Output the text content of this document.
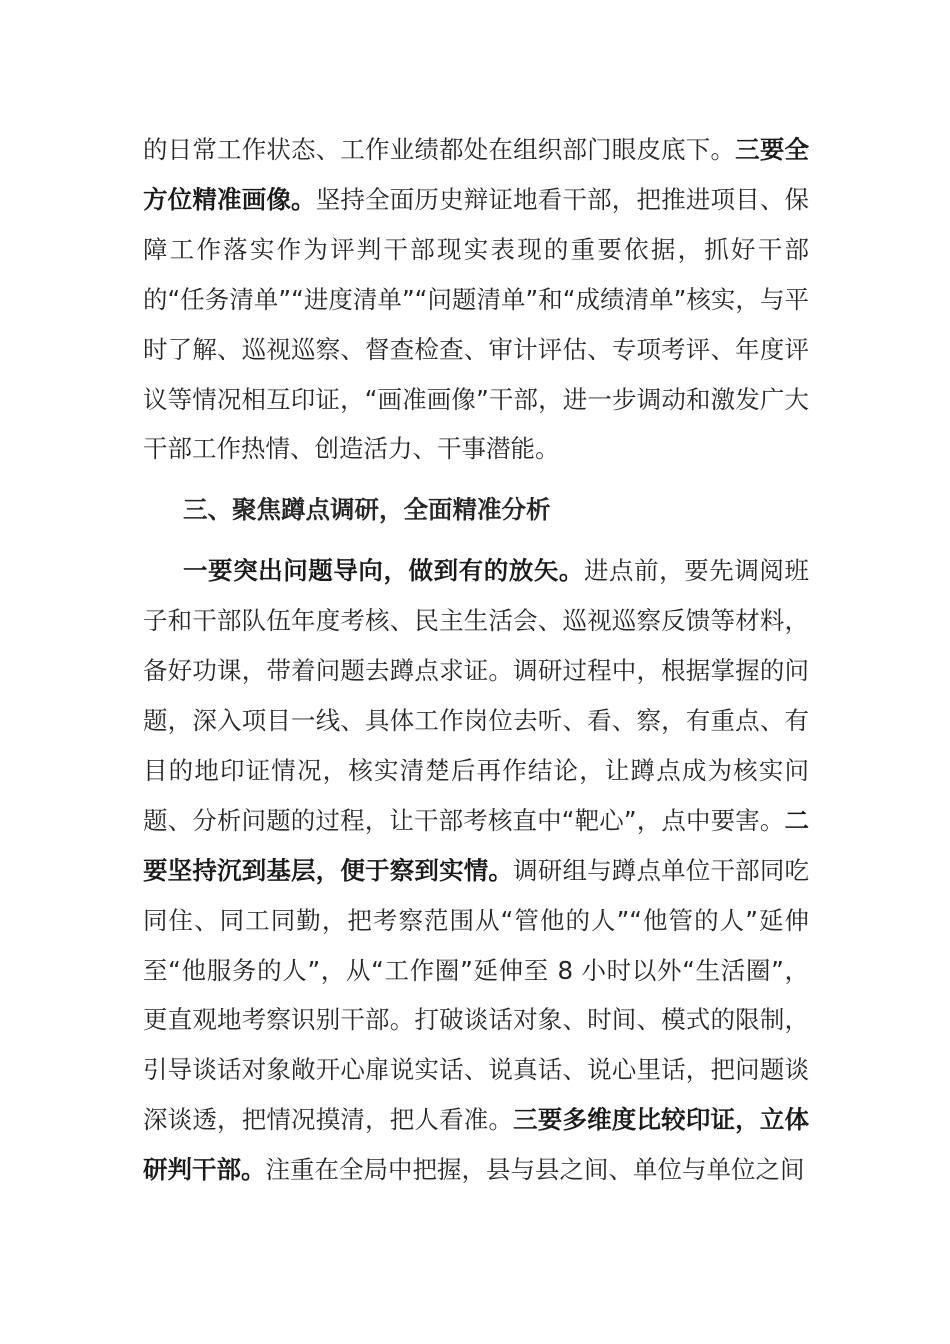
的日常工作状态、工作业绩都处在组织部门眼皮底下。三要全方位精准画像。坚持全面历史辩证地看干部，把推进项目、保障工作落实作为评判干部现实表现的重要依据，抓好干部的“任务清单”“进度清单”“问题清单”和“成绩清单”核实，与平时了解、巡视巡察、督查检查、审计评估、专项考评、年度评议等情况相互印证，“画准画像”干部，进一步调动和激发广大干部工作热情、创造活力、干事潜能。

三、聚焦蹲点调研，全面精准分析

一要突出问题导向，做到有的放矢。进点前，要先调阅班子和干部队伍年度考核、民主生活会、巡视巡察反馈等材料，备好功课，带着问题去蹲点求证。调研过程中，根据掌握的问题，深入项目一线、具体工作岗位去听、看、察，有重点、有目的地印证情况，核实清楚后再作结论，让蹲点成为核实问题、分析问题的过程，让干部考核直中“靶心”，点中要害。二要坚持沉到基层，便于察到实情。调研组与蹲点单位干部同吃同住、同工同勤，把考察范围从“管他的人”“他管的人”延伸至“他服务的人”，从“工作圈”延伸至 8 小时以外“生活圈”，更直观地考察识别干部。打破谈话对象、时间、模式的限制，引导谈话对象敞开心扉说实话、说真话、说心里话，把问题谈深谈透，把情况摸清，把人看准。三要多维度比较印证，立体研判干部。注重在全局中把握，县与县之间、单位与单位之间
